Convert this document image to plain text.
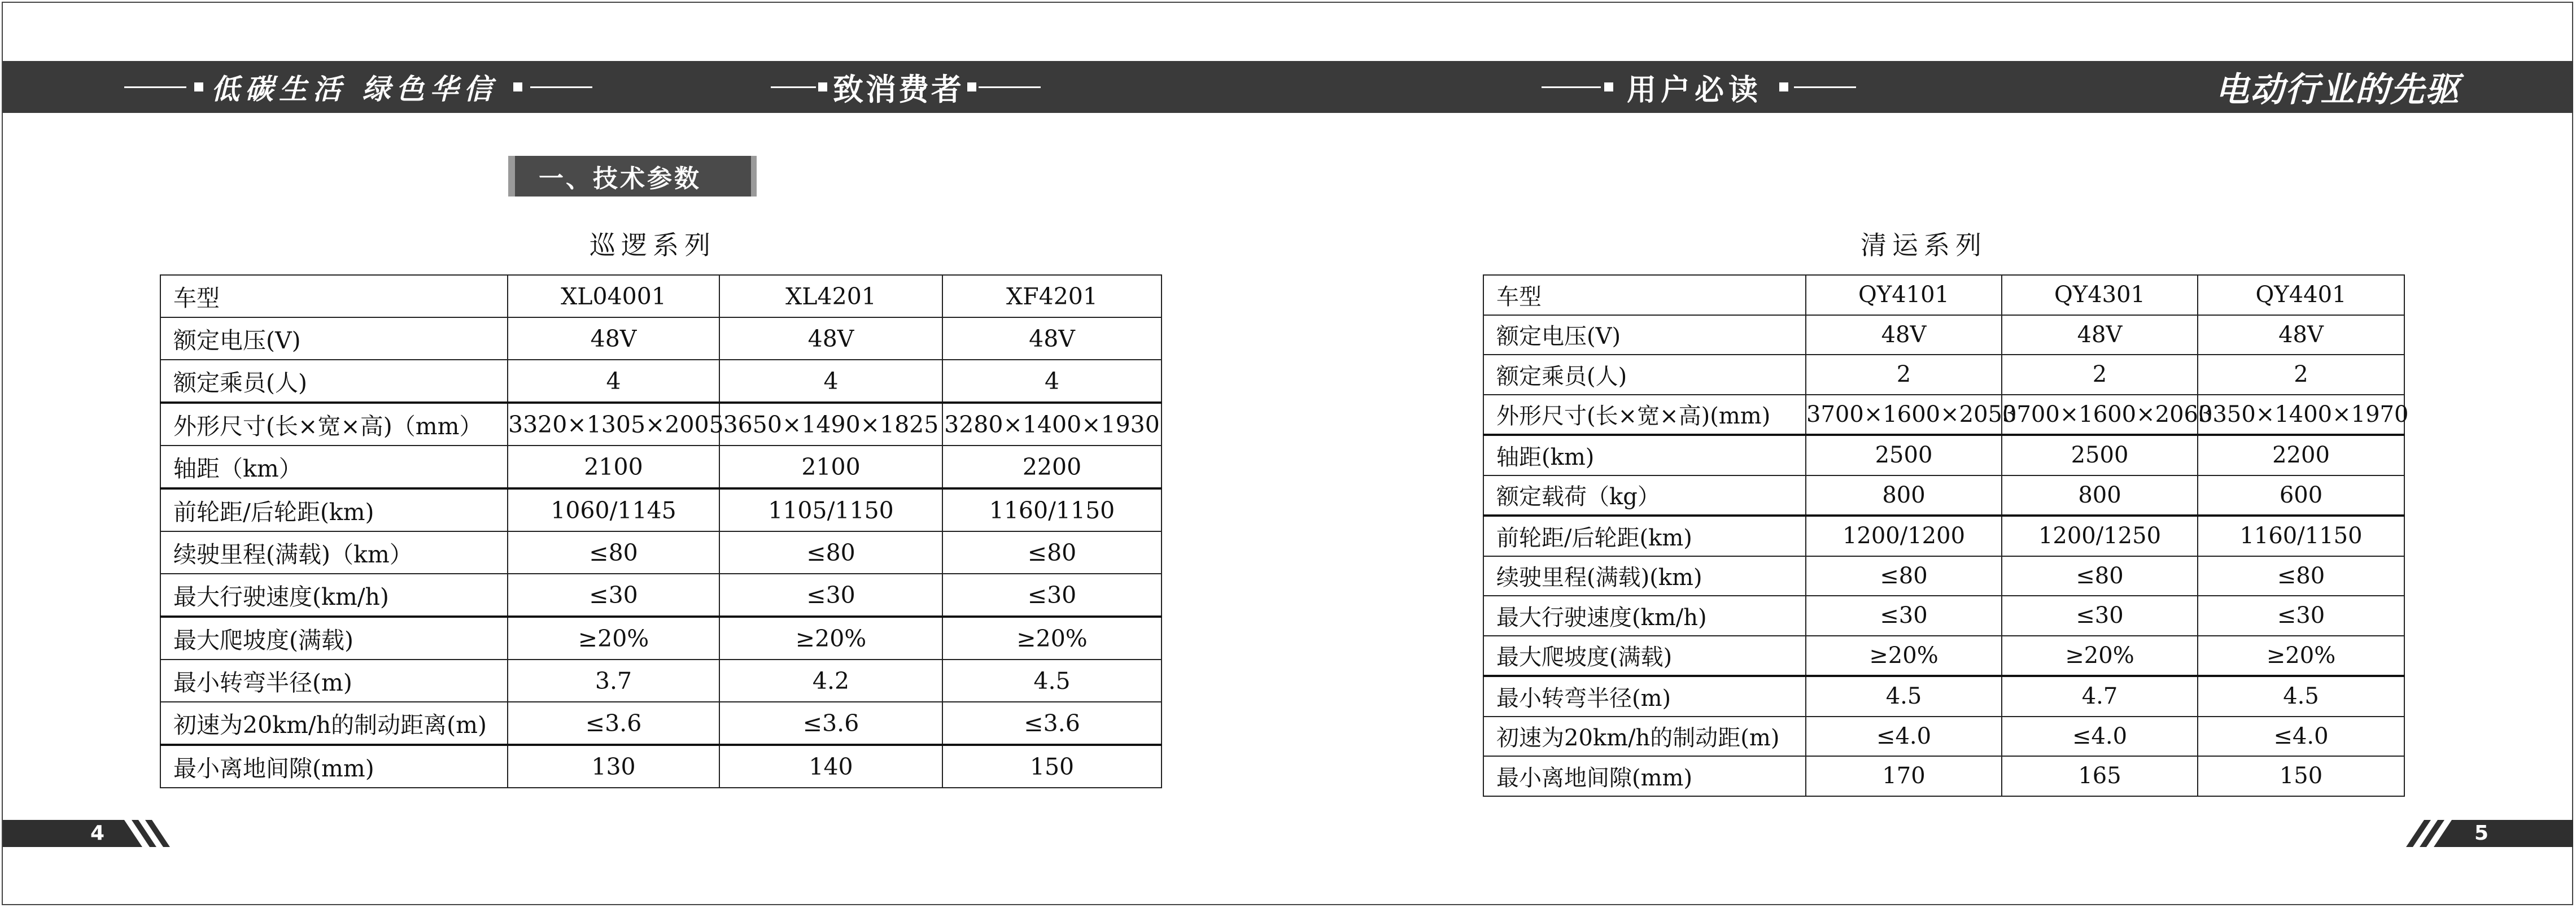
低碳生活 绿色华信	致消费者	用户必读	电动行业的先驱
一、技术参数
巡逻系列	清运系列
车型	XL04001	XL4201	XF4201
额定电压(V)	48V	48V	48V
额定乘员(人)	4	4	4
外形尺寸(长×宽×高)（mm）	3320×1305×2005	3650×1490×1825	3280×1400×1930
轴距（km）	2100	2100	2200
前轮距/后轮距(km)	1060/1145	1105/1150	1160/1150
续驶里程(满载)（km）	≤80	≤80	≤80
最大行驶速度(km/h)	≤30	≤30	≤30
最大爬坡度(满载)	≥20%	≥20%	≥20%
最小转弯半径(m)	3.7	4.2	4.5
初速为20km/h的制动距离(m)	≤3.6	≤3.6	≤3.6
最小离地间隙(mm)	130	140	150
车型	QY4101	QY4301	QY4401
额定电压(V)	48V	48V	48V
额定乘员(人)	2	2	2
外形尺寸(长×宽×高)(mm)	3700×1600×2050	3700×1600×2060	3350×1400×1970
轴距(km)	2500	2500	2200
额定载荷（kg）	800	800	600
前轮距/后轮距(km)	1200/1200	1200/1250	1160/1150
续驶里程(满载)(km)	≤80	≤80	≤80
最大行驶速度(km/h)	≤30	≤30	≤30
最大爬坡度(满载)	≥20%	≥20%	≥20%
最小转弯半径(m)	4.5	4.7	4.5
初速为20km/h的制动距(m)	≤4.0	≤4.0	≤4.0
最小离地间隙(mm)	170	165	150
4	5
